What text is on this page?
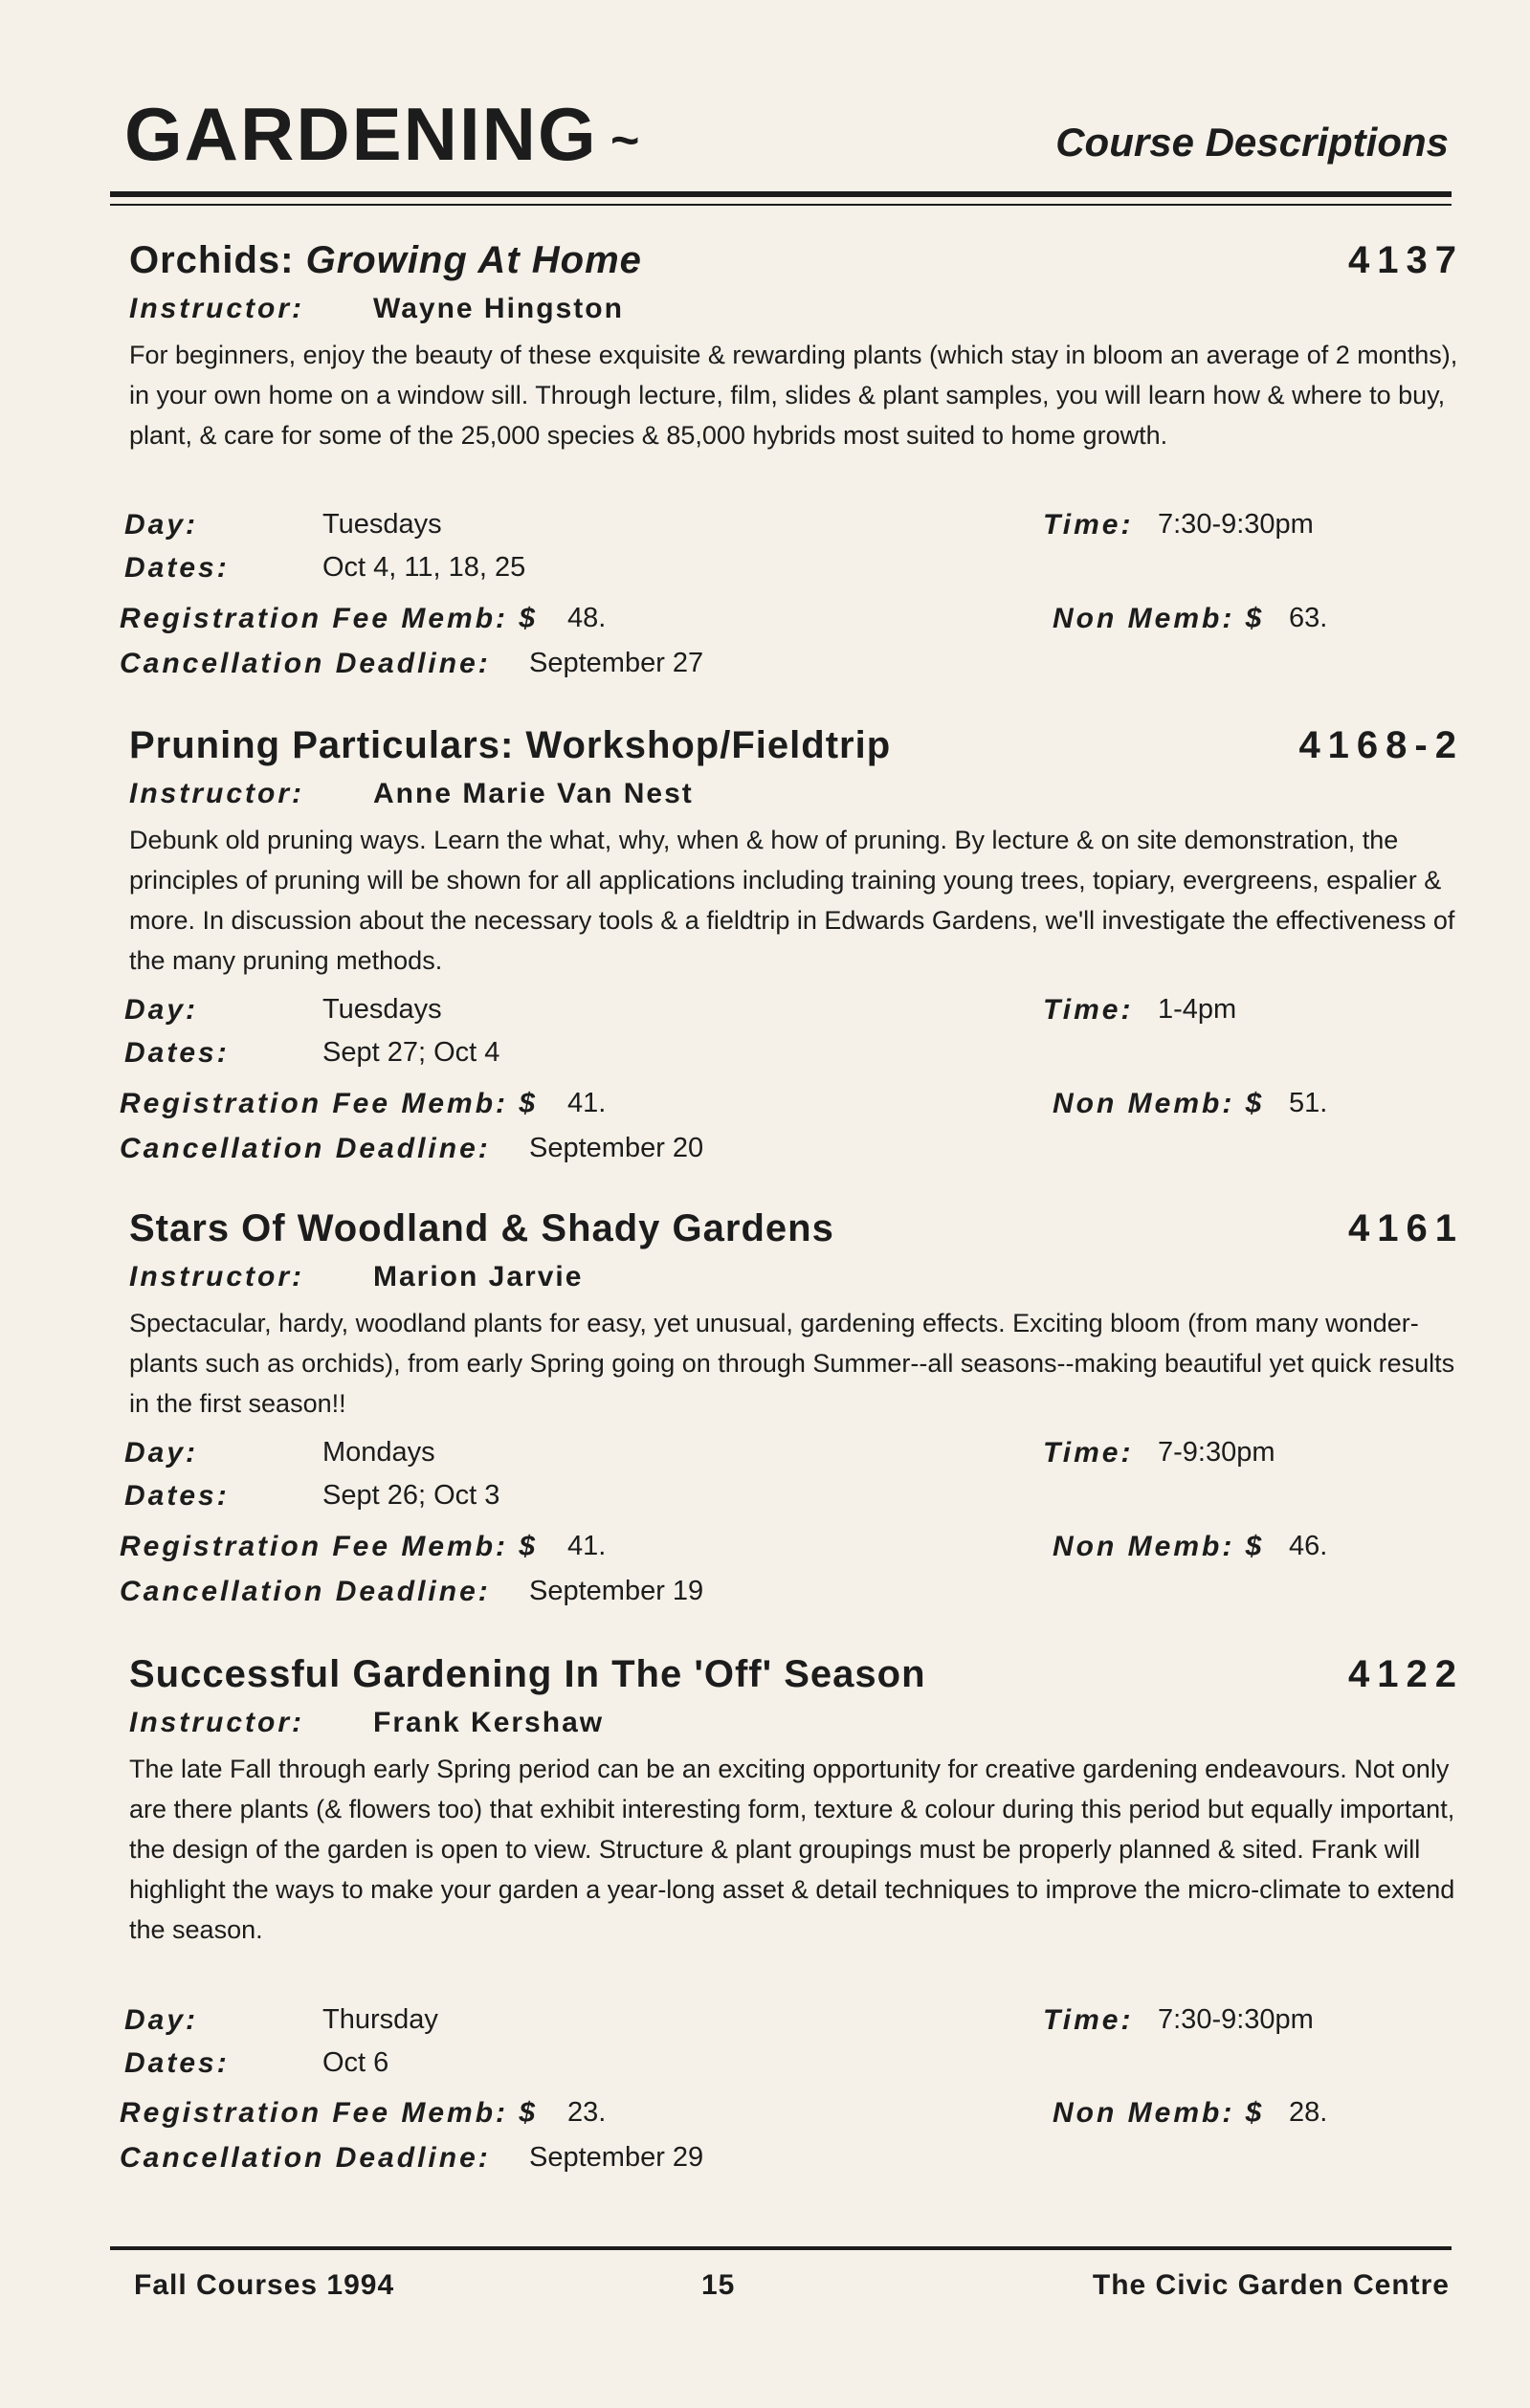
GARDENING ~	Course Descriptions
Orchids: Growing At Home	4137
Instructor: Wayne Hingston

For beginners, enjoy the beauty of these exquisite & rewarding plants (which stay in bloom an average of 2 months), in your own home on a window sill. Through lecture, film, slides & plant samples, you will learn how & where to buy, plant, & care for some of the 25,000 species & 85,000 hybrids most suited to home growth.

Day:	Tuesdays	Time: 7:30-9:30pm
Dates:	Oct 4, 11, 18, 25
Registration Fee Memb: $ 48.	Non Memb: $ 63.
Cancellation Deadline: September 27
Pruning Particulars: Workshop/Fieldtrip	4168-2
Instructor: Anne Marie Van Nest

Debunk old pruning ways. Learn the what, why, when & how of pruning. By lecture & on site demonstration, the principles of pruning will be shown for all applications including training young trees, topiary, evergreens, espalier & more. In discussion about the necessary tools & a fieldtrip in Edwards Gardens, we'll investigate the effectiveness of the many pruning methods.

Day:	Tuesdays	Time: 1-4pm
Dates:	Sept 27; Oct 4
Registration Fee Memb: $ 41.	Non Memb: $ 51.
Cancellation Deadline: September 20
Stars Of Woodland & Shady Gardens	4161
Instructor: Marion Jarvie

Spectacular, hardy, woodland plants for easy, yet unusual, gardening effects. Exciting bloom (from many wonder-plants such as orchids), from early Spring going on through Summer--all seasons--making beautiful yet quick results in the first season!!

Day:	Mondays	Time: 7-9:30pm
Dates:	Sept 26; Oct 3
Registration Fee Memb: $ 41.	Non Memb: $ 46.
Cancellation Deadline: September 19
Successful Gardening In The 'Off' Season	4122
Instructor: Frank Kershaw

The late Fall through early Spring period can be an exciting opportunity for creative gardening endeavours. Not only are there plants (& flowers too) that exhibit interesting form, texture & colour during this period but equally important, the design of the garden is open to view. Structure & plant groupings must be properly planned & sited. Frank will highlight the ways to make your garden a year-long asset & detail techniques to improve the micro-climate to extend the season.

Day:	Thursday	Time: 7:30-9:30pm
Dates:	Oct 6
Registration Fee Memb: $ 23.	Non Memb: $ 28.
Cancellation Deadline: September 29
Fall Courses 1994	15	The Civic Garden Centre
